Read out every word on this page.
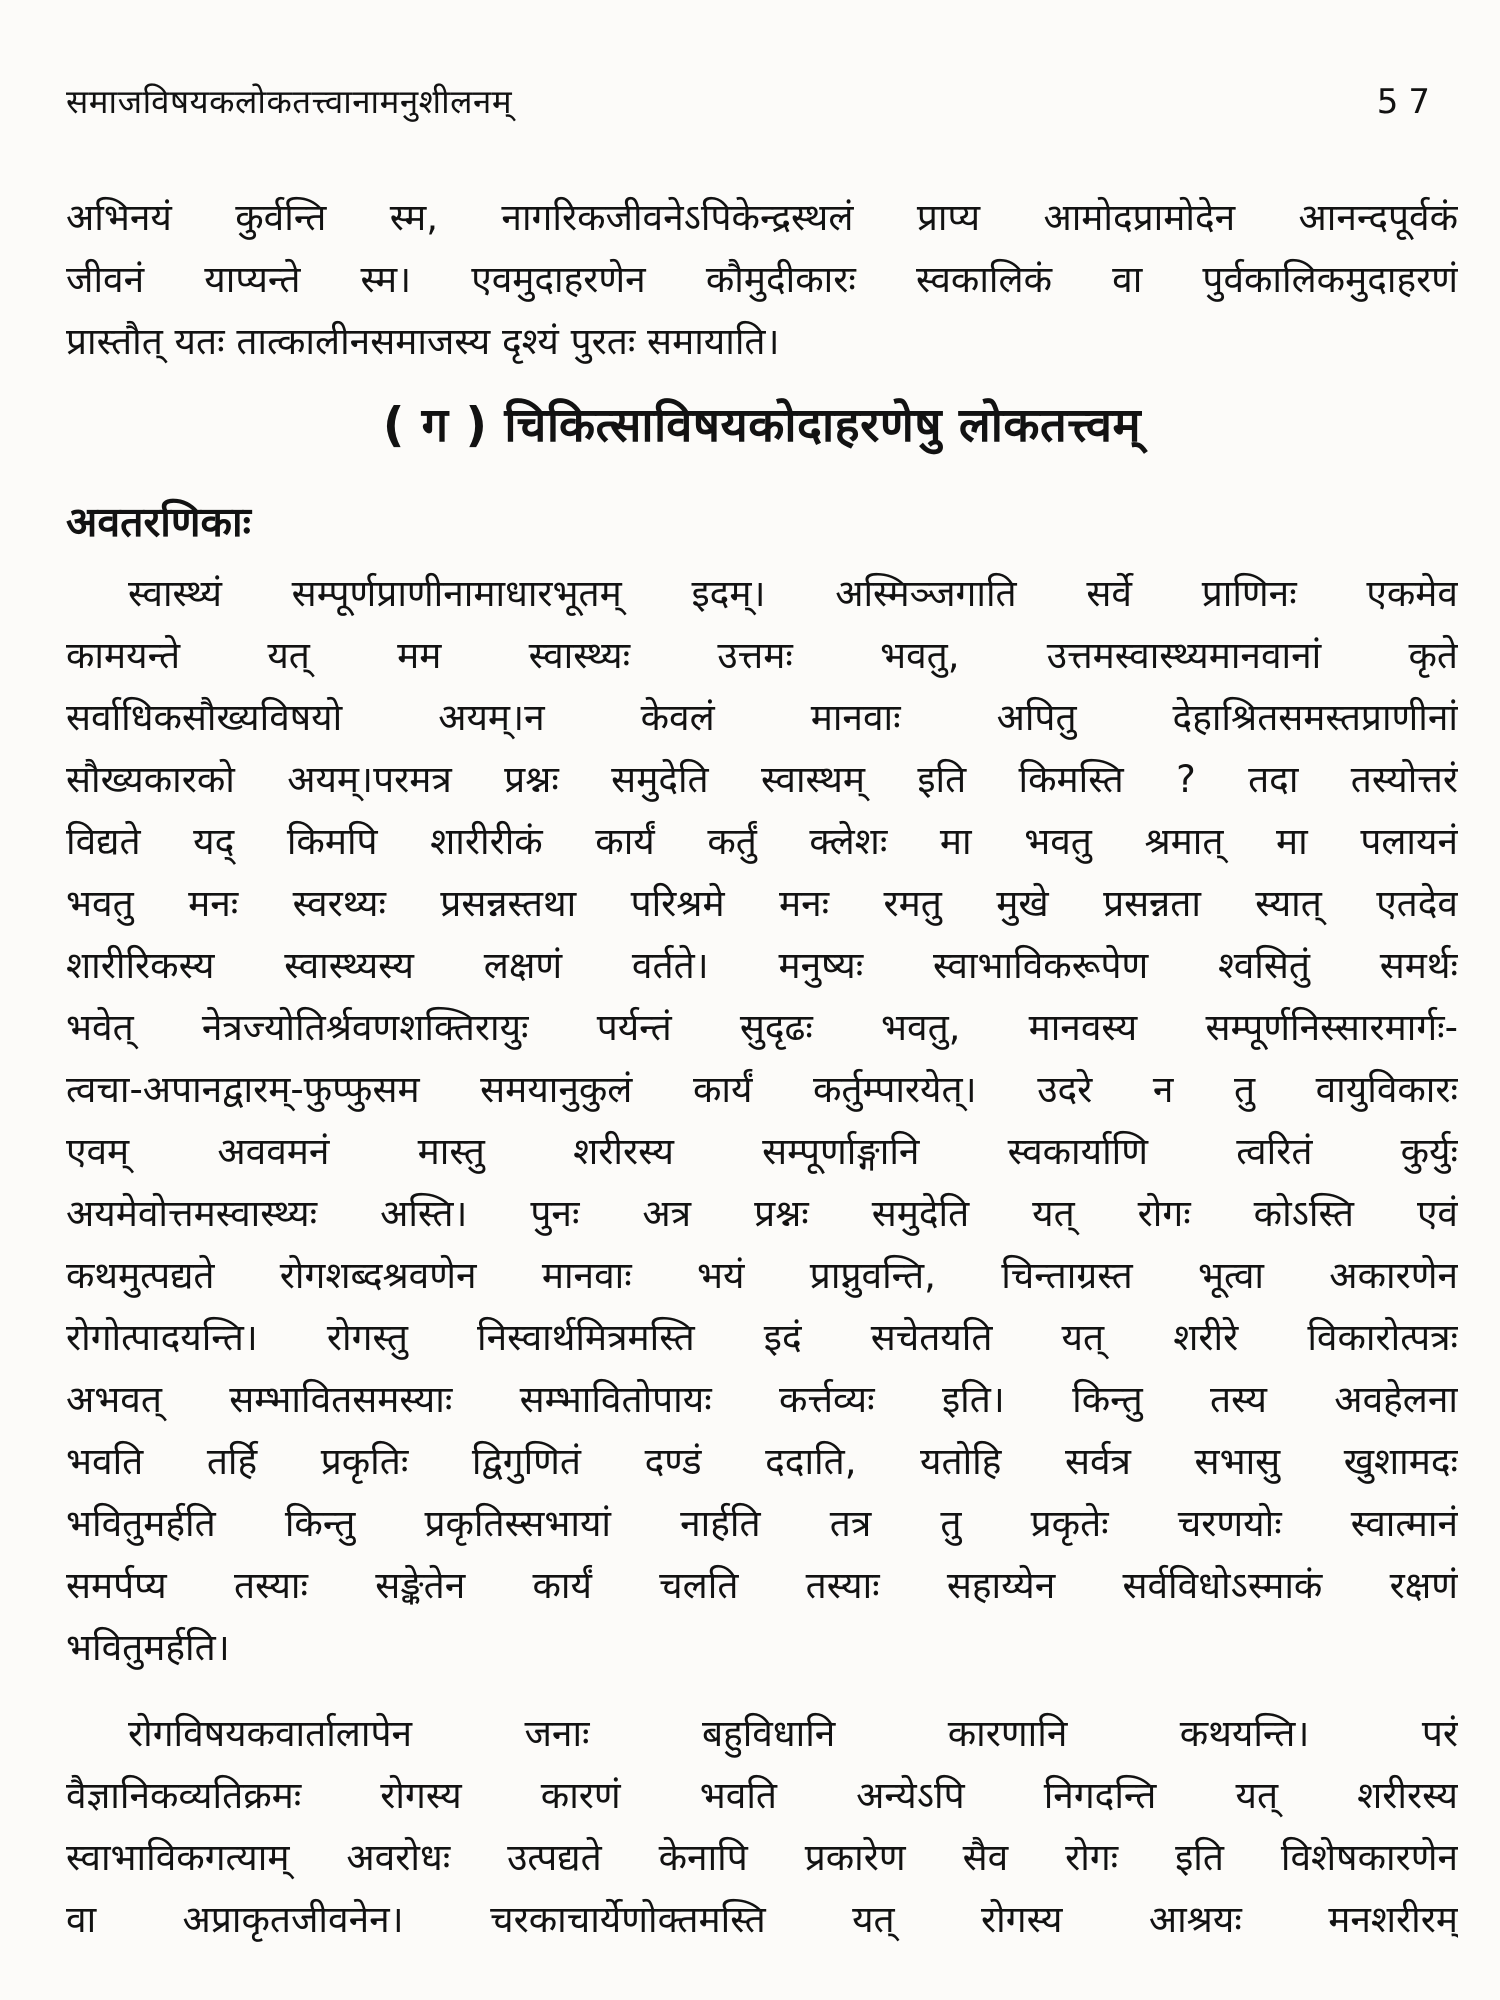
समाजविषयकलोकतत्त्वानामनुशीलनम्	57
अभिनयं कुर्वन्ति स्म, नागरिकजीवनेऽपिकेन्द्रस्थलं प्राप्य आमोदप्रामोदेन आनन्दपूर्वकं
जीवनं याप्यन्ते स्म। एवमुदाहरणेन कौमुदीकारः स्वकालिकं वा पुर्वकालिकमुदाहरणं
प्रास्तौत् यतः तात्कालीनसमाजस्य दृश्यं पुरतः समायाति।
( ग ) चिकित्साविषयकोदाहरणेषु लोकतत्त्वम्
अवतरणिकाः
स्वास्थ्यं सम्पूर्णप्राणीनामाधारभूतम् इदम्। अस्मिञ्जगाति सर्वे प्राणिनः एकमेव
कामयन्ते यत् मम स्वास्थ्यः उत्तमः भवतु, उत्तमस्वास्थ्यमानवानां कृते
सर्वाधिकसौख्यविषयो अयम्।न केवलं मानवाः अपितु देहाश्रितसमस्तप्राणीनां
सौख्यकारको अयम्।परमत्र प्रश्नः समुदेति स्वास्थम् इति किमस्ति ? तदा तस्योत्तरं
विद्यते यद् किमपि शारीरीकं कार्यं कर्तुं क्लेशः मा भवतु श्रमात् मा पलायनं
भवतु मनः स्वरथ्यः प्रसन्नस्तथा परिश्रमे मनः रमतु मुखे प्रसन्नता स्यात् एतदेव
शारीरिकस्य स्वास्थ्यस्य लक्षणं वर्तते। मनुष्यः स्वाभाविकरूपेण श्वसितुं समर्थः
भवेत् नेत्रज्योतिर्श्रवणशक्तिरायुः पर्यन्तं सुदृढः भवतु, मानवस्य सम्पूर्णनिस्सारमार्गः-
त्वचा-अपानद्वारम्-फुप्फुसम समयानुकुलं कार्यं कर्तुम्पारयेत्। उदरे न तु वायुविकारः
एवम् अववमनं मास्तु शरीरस्य सम्पूर्णाङ्गानि स्वकार्याणि त्वरितं कुर्युः
अयमेवोत्तमस्वास्थ्यः अस्ति। पुनः अत्र प्रश्नः समुदेति यत् रोगः कोऽस्ति एवं
कथमुत्पद्यते रोगशब्दश्रवणेन मानवाः भयं प्राप्नुवन्ति, चिन्ताग्रस्त भूत्वा अकारणेन
रोगोत्पादयन्ति। रोगस्तु निस्वार्थमित्रमस्ति इदं सचेतयति यत् शरीरे विकारोत्पत्रः
अभवत् सम्भावितसमस्याः सम्भावितोपायः कर्त्तव्यः इति। किन्तु तस्य अवहेलना
भवति तर्हि प्रकृतिः द्विगुणितं दण्डं ददाति, यतोहि सर्वत्र सभासु खुशामदः
भवितुमर्हति किन्तु प्रकृतिस्सभायां नार्हति तत्र तु प्रकृतेः चरणयोः स्वात्मानं
समर्पप्य तस्याः सङ्केतेन कार्यं चलति तस्याः सहाय्येन सर्वविधोऽस्माकं रक्षणं
भवितुमर्हति।
रोगविषयकवार्तालापेन जनाः बहुविधानि कारणानि कथयन्ति। परं
वैज्ञानिकव्यतिक्रमः रोगस्य कारणं भवति अन्येऽपि निगदन्ति यत् शरीरस्य
स्वाभाविकगत्याम् अवरोधः उत्पद्यते केनापि प्रकारेण सैव रोगः इति विशेषकारणेन
वा अप्राकृतजीवनेन। चरकाचार्येणोक्तमस्ति यत् रोगस्य आश्रयः मनशरीरम्
